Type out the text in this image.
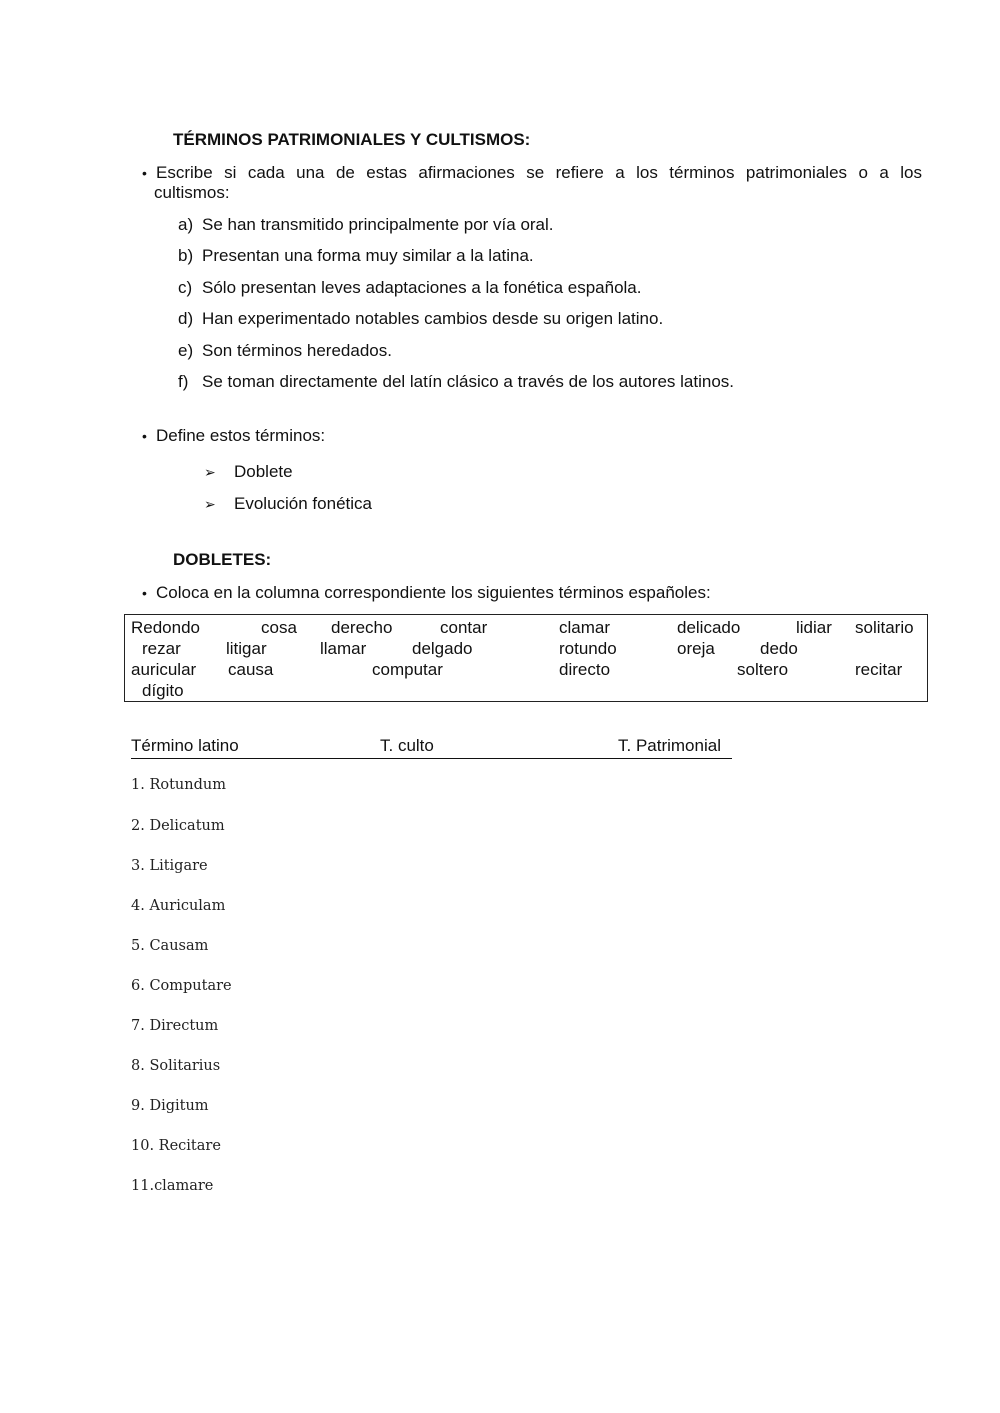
TÉRMINOS PATRIMONIALES Y CULTISMOS:
• Escribe si cada una de estas afirmaciones se refiere a los términos patrimoniales o a los
cultismos:
a) Se han transmitido principalmente por vía oral.
b) Presentan una forma muy similar a la latina.
c) Sólo presentan leves adaptaciones a la fonética española.
d) Han experimentado notables cambios desde su origen latino.
e) Son términos heredados.
f) Se toman directamente del latín clásico a través de los autores latinos.
• Define estos términos:
➢	Doblete
➢	Evolución fonética
DOBLETES:
• Coloca en la columna correspondiente los siguientes términos españoles:
Redondo	cosa derecho	contar	clamar	delicado	lidiar solitario
rezar	litigar	llamar	delgado	rotundo	oreja	dedo
auricular causa	computar	directo	soltero	recitar
dígito
Término latino	T. culto	T. Patrimonial
1. Rotundum
2. Delicatum
3. Litigare
4. Auriculam
5. Causam
6. Computare
7. Directum
8. Solitarius
9. Digitum
10. Recitare
11.clamare
